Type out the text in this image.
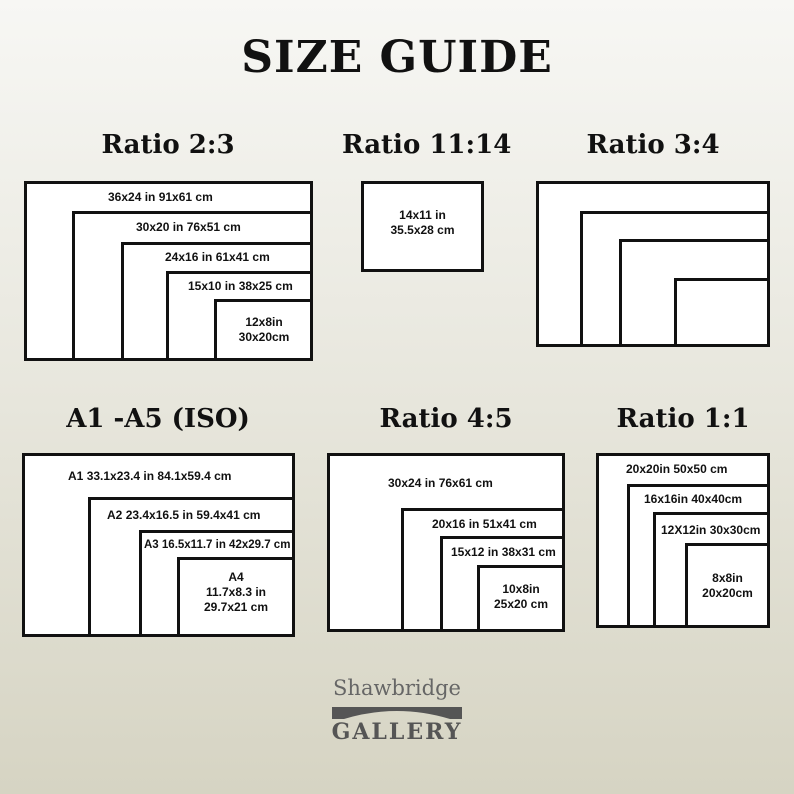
SIZE GUIDE
Ratio 2:3
36x24 in 91x61 cm
30x20 in 76x51 cm
24x16 in 61x41 cm
15x10 in 38x25 cm
12x8in
30x20cm
Ratio 11:14
14x11 in
35.5x28 cm
Ratio 3:4
A1 -A5 (ISO)
A1 33.1x23.4 in 84.1x59.4 cm
A2 23.4x16.5 in 59.4x41 cm
A3 16.5x11.7 in 42x29.7 cm
A4
11.7x8.3 in
29.7x21 cm
Ratio 4:5
30x24 in 76x61 cm
20x16 in 51x41 cm
15x12 in 38x31 cm
10x8in
25x20 cm
Ratio 1:1
20x20in 50x50 cm
16x16in 40x40cm
12X12in 30x30cm
8x8in
20x20cm
Shawbridge
GALLERY
